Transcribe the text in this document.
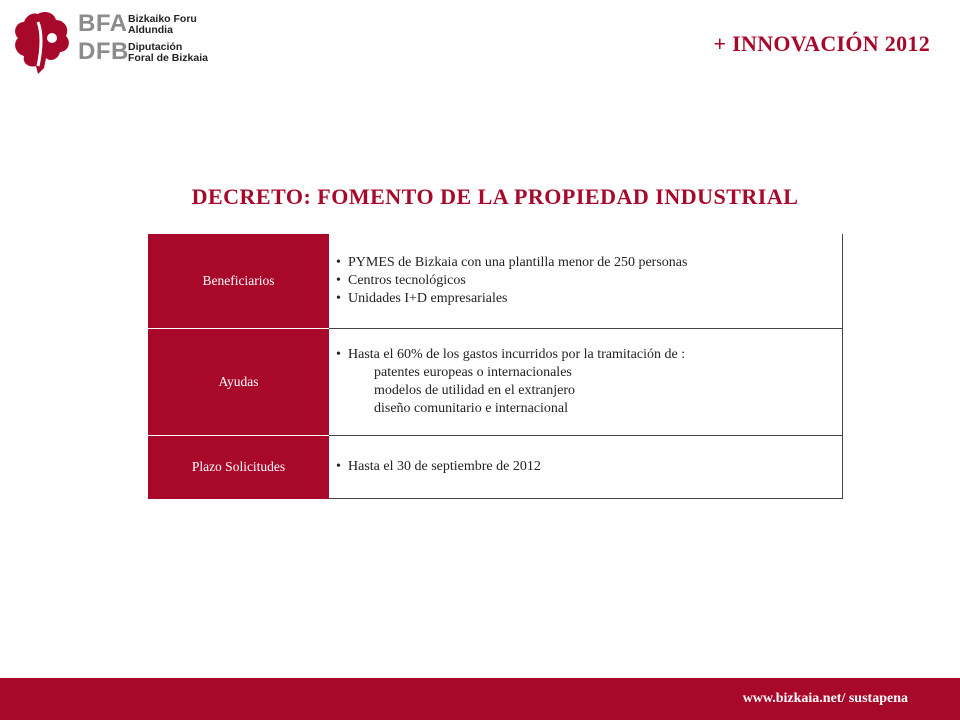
BFA
DFB
Bizkaiko Foru
Aldundia
Diputación
Foral de Bizkaia
+ INNOVACIÓN 2012
DECRETO: FOMENTO DE LA PROPIEDAD INDUSTRIAL
Beneficiarios	• PYMES de Bizkaia con una plantilla menor de 250 personas

• Centros tecnológicos

• Unidades I+D empresariales

Ayudas	• Hasta el 60% de los gastos incurridos por la tramitación de :

patentes europeas o internacionales

modelos de utilidad en el extranjero

diseño comunitario e internacional

Plazo Solicitudes	• Hasta el 30 de septiembre de 2012

www.bizkaia.net/ sustapena
